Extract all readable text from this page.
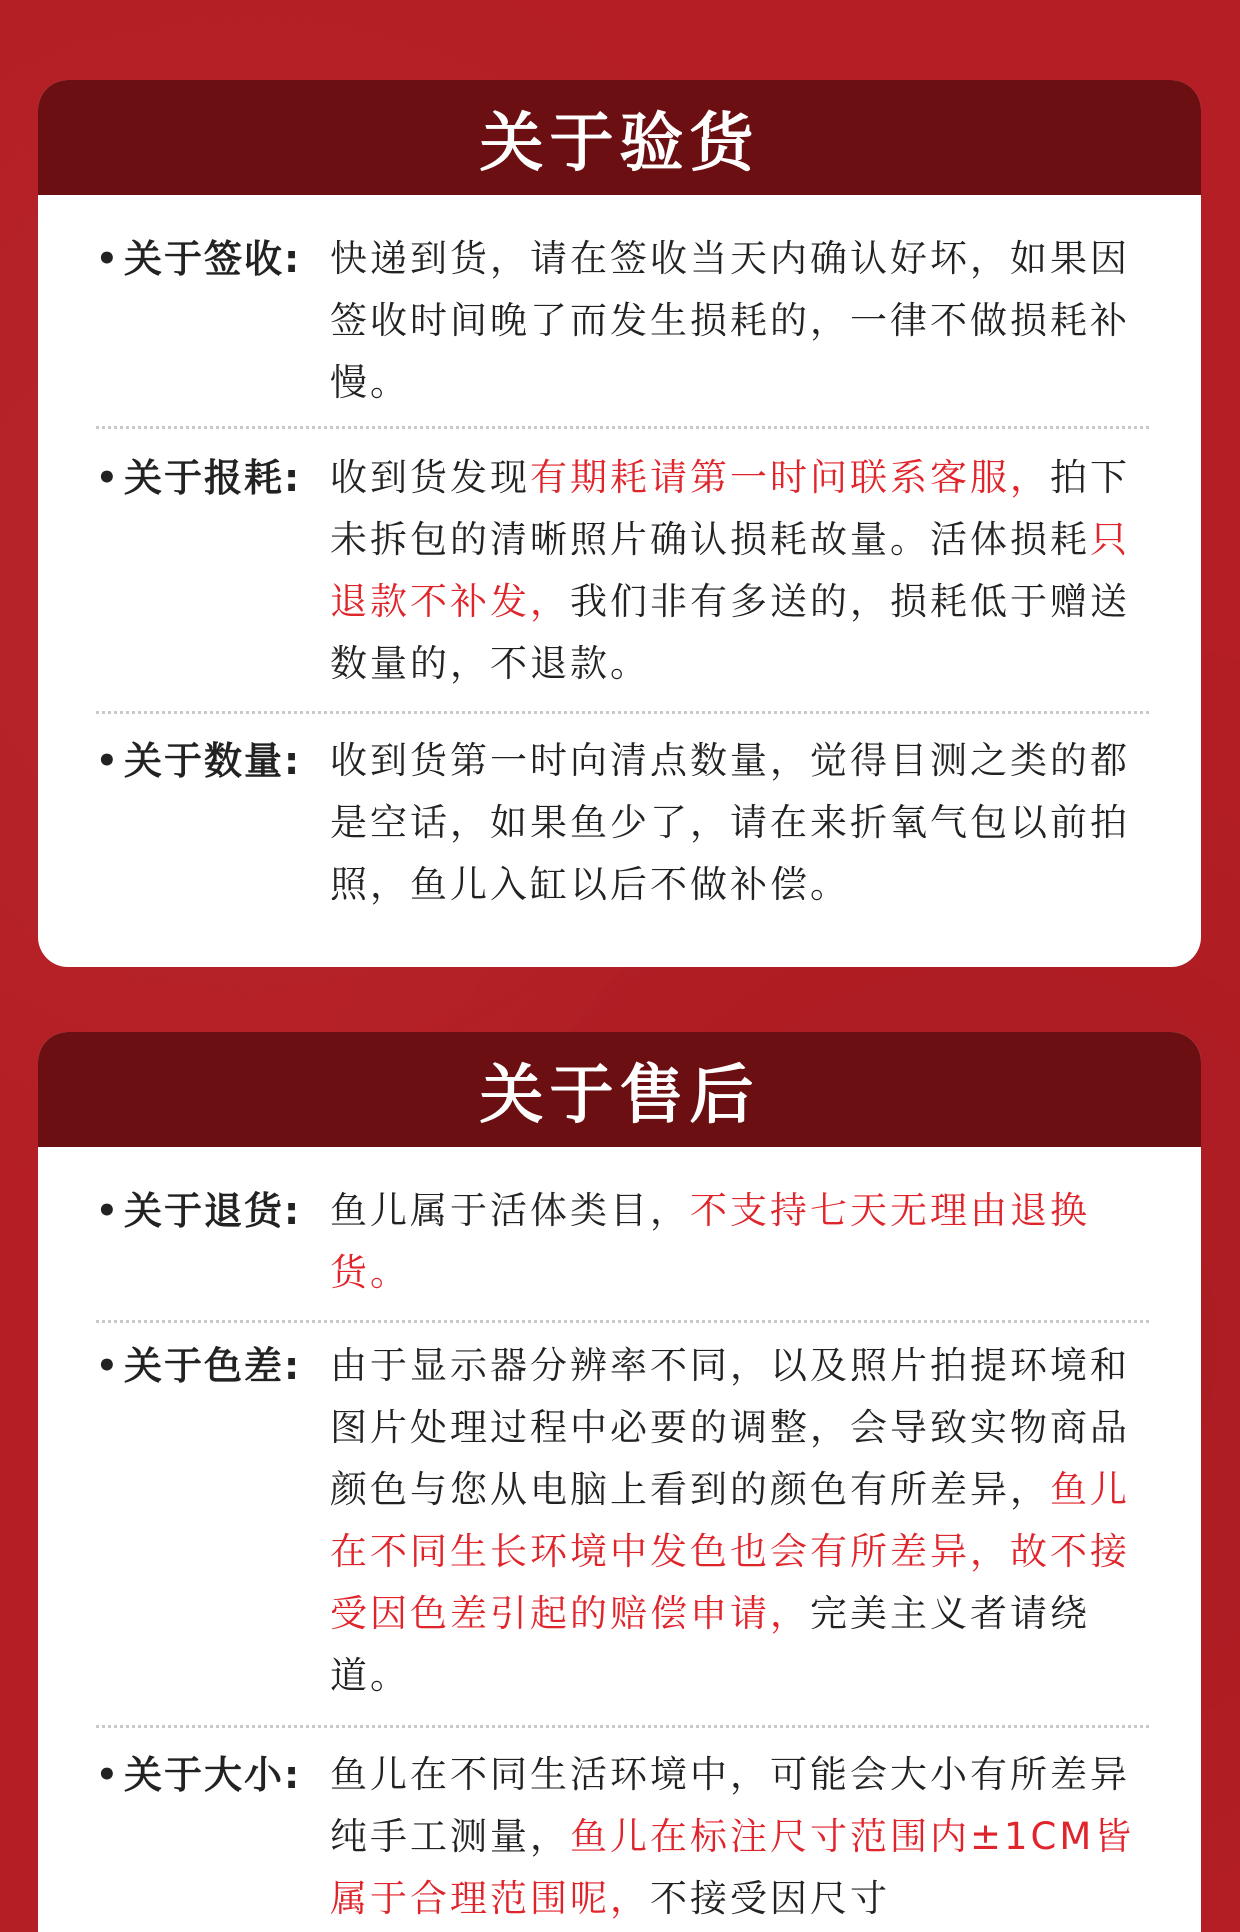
关于验货
• 关于签收: 快递到货，请在签收当天内确认好坏，如果因签收时间晚了而发生损耗的，一律不做损耗补慢。
• 关于报耗: 收到货发现有期耗请第一时问联系客服，拍下未拆包的清晰照片确认损耗故量。活体损耗只退款不补发，我们非有多送的，损耗低于赠送数量的，不退款。
• 关于数量: 收到货第一时向清点数量，觉得目测之类的都是空话，如果鱼少了，请在来折氧气包以前拍照，鱼儿入缸以后不做补偿。
关于售后
• 关于退货: 鱼儿属于活体类目，不支持七天无理由退换货。
• 关于色差: 由于显示器分辨率不同，以及照片拍提环境和图片处理过程中必要的调整，会导致实物商品颜色与您从电脑上看到的颜色有所差异，鱼儿在不同生长环境中发色也会有所差异，故不接受因色差引起的赔偿申请，完美主义者请绕道。
• 关于大小: 鱼儿在不同生活环境中，可能会大小有所差异纯手工测量，鱼儿在标注尺寸范围内±1CM皆属于合理范围呢，不接受因尺寸
